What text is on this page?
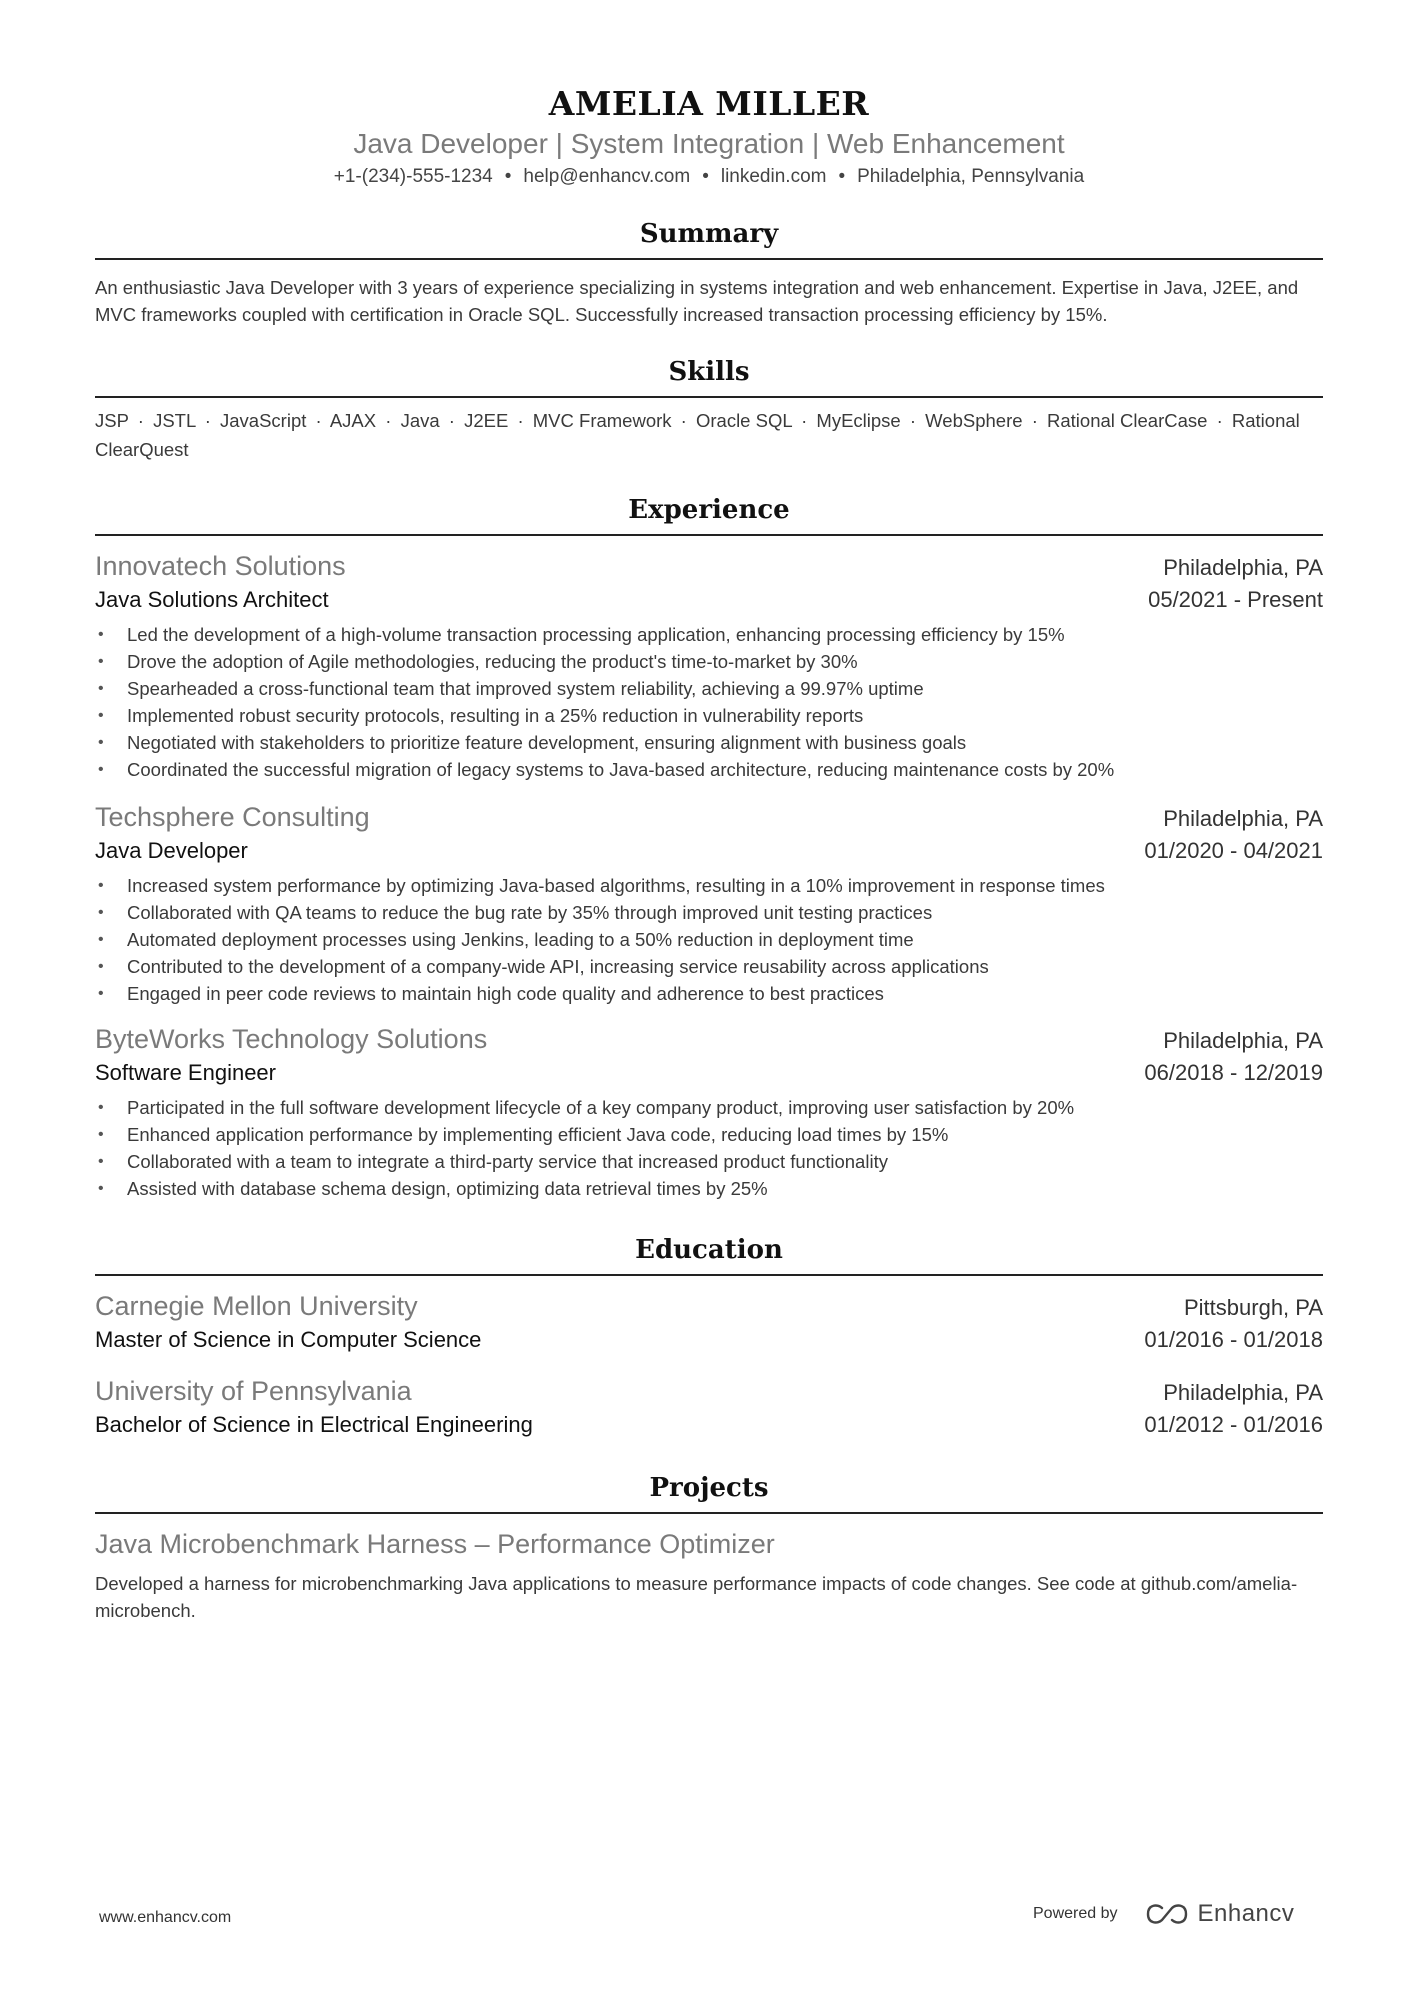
AMELIA MILLER
Java Developer | System Integration | Web Enhancement
+1-(234)-555-1234 • help@enhancv.com • linkedin.com • Philadelphia, Pennsylvania
Summary
An enthusiastic Java Developer with 3 years of experience specializing in systems integration and web enhancement. Expertise in Java, J2EE, and MVC frameworks coupled with certification in Oracle SQL. Successfully increased transaction processing efficiency by 15%.
Skills
JSP · JSTL · JavaScript · AJAX · Java · J2EE · MVC Framework · Oracle SQL · MyEclipse · WebSphere · Rational ClearCase · Rational ClearQuest
Experience
Innovatech Solutions	Philadelphia, PA
Java Solutions Architect	05/2021 - Present
• Led the development of a high-volume transaction processing application, enhancing processing efficiency by 15%
• Drove the adoption of Agile methodologies, reducing the product's time-to-market by 30%
• Spearheaded a cross-functional team that improved system reliability, achieving a 99.97% uptime
• Implemented robust security protocols, resulting in a 25% reduction in vulnerability reports
• Negotiated with stakeholders to prioritize feature development, ensuring alignment with business goals
• Coordinated the successful migration of legacy systems to Java-based architecture, reducing maintenance costs by 20%
Techsphere Consulting	Philadelphia, PA
Java Developer	01/2020 - 04/2021
• Increased system performance by optimizing Java-based algorithms, resulting in a 10% improvement in response times
• Collaborated with QA teams to reduce the bug rate by 35% through improved unit testing practices
• Automated deployment processes using Jenkins, leading to a 50% reduction in deployment time
• Contributed to the development of a company-wide API, increasing service reusability across applications
• Engaged in peer code reviews to maintain high code quality and adherence to best practices
ByteWorks Technology Solutions	Philadelphia, PA
Software Engineer	06/2018 - 12/2019
• Participated in the full software development lifecycle of a key company product, improving user satisfaction by 20%
• Enhanced application performance by implementing efficient Java code, reducing load times by 15%
• Collaborated with a team to integrate a third-party service that increased product functionality
• Assisted with database schema design, optimizing data retrieval times by 25%
Education
Carnegie Mellon University	Pittsburgh, PA
Master of Science in Computer Science	01/2016 - 01/2018
University of Pennsylvania	Philadelphia, PA
Bachelor of Science in Electrical Engineering	01/2012 - 01/2016
Projects
Java Microbenchmark Harness – Performance Optimizer
Developed a harness for microbenchmarking Java applications to measure performance impacts of code changes. See code at github.com/amelia-microbench.
www.enhancv.com	Powered by	Enhancv
